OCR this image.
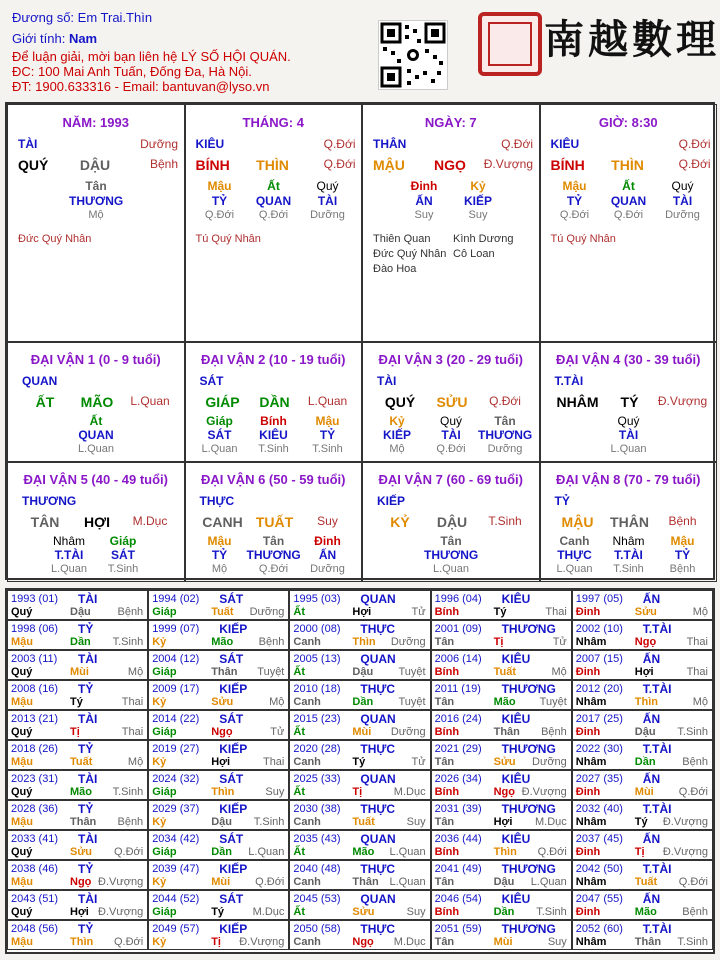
Đương số: Em Trai.Thìn
Giới tính: Nam
Để luận giải, mời bạn liên hệ LÝ SỐ HỘI QUÁN.
ĐC: 100 Mai Anh Tuấn, Đống Đa, Hà Nội.
ĐT: 1900.633316 - Email: bantuvan@lyso.vn
南越數理
NĂM: 1993
TÀI	Dưỡng
QUÝ	DẬU	Bệnh
Tân
THƯƠNG
Mộ
Đức Quý Nhân
THÁNG: 4
KIÊU	Q.Đới
BÍNH	THÌN	Q.Đới
Mậu
TỶ
Q.Đới
Ất
QUAN
Q.Đới
Quý
TÀI
Dưỡng
Tú Quý Nhân
NGÀY: 7
THÂN	Q.Đới
MẬU	NGỌ	Đ.Vượng
Đinh
ẤN
Suy
Kỷ
KIẾP
Suy
Thiên Quan Kình Dương
Đức Quý Nhân Cô Loan
Đào Hoa
GIỜ: 8:30
KIÊU	Q.Đới
BÍNH	THÌN	Q.Đới
Mậu
TỶ
Q.Đới
Ất
QUAN
Q.Đới
Quý
TÀI
Dưỡng
Tú Quý Nhân
ĐẠI VẬN 1 (0 - 9 tuổi)
QUAN
ẤT	MÃO	L.Quan
Ất
QUAN
L.Quan
ĐẠI VẬN 2 (10 - 19 tuổi)
SÁT
GIÁP	DẦN	L.Quan
Giáp
SÁT
L.Quan
Bính
KIÊU
T.Sinh
Mậu
TỶ
T.Sinh
ĐẠI VẬN 3 (20 - 29 tuổi)
TÀI
QUÝ	SỬU	Q.Đới
Kỷ
KIẾP
Mộ
Quý
TÀI
Q.Đới
Tân
THƯƠNG
Dưỡng
ĐẠI VẬN 4 (30 - 39 tuổi)
T.TÀI
NHÂM	TÝ	Đ.Vượng
Quý
TÀI
L.Quan
ĐẠI VẬN 5 (40 - 49 tuổi)
THƯƠNG
TÂN	HỢI	M.Dục
Nhâm
T.TÀI
L.Quan
Giáp
SÁT
T.Sinh
ĐẠI VẬN 6 (50 - 59 tuổi)
THỰC
CANH TUẤT	Suy
Mậu
TỶ
Mộ
Tân
THƯƠNG
Q.Đới
Đinh
ẤN
Dưỡng
ĐẠI VẬN 7 (60 - 69 tuổi)
KIẾP
KỶ	DẬU	T.Sinh
Tân
THƯƠNG
L.Quan
ĐẠI VẬN 8 (70 - 79 tuổi)
TỶ
MẬU	THÂN	Bệnh
Canh
THỰC
L.Quan
Nhâm
T.TÀI
T.Sinh
Mậu
TỶ
Bệnh
1993 (01) TÀI
Quý	Dậu Bệnh
1994 (02) SÁT
Giáp	Tuất Dưỡng
1995 (03) QUAN
Ất	Hợi	Tử
1996 (04) KIÊU
Bính	Tý	Thai
1997 (05) ẤN
Đinh	Sửu	Mộ
1998 (06) TỶ
Mậu	Dần T.Sinh
1999 (07) KIẾP
Kỷ	Mão Bệnh
2000 (08) THỰC
Canh	Thìn Dưỡng
2001 (09) THƯƠNG
Tân	Tị	Tử
2002 (10) T.TÀI
Nhâm	Ngọ	Thai
2003 (11) TÀI
Quý	Mùi	Mộ
2004 (12) SÁT
Giáp	Thân Tuyệt
2005 (13) QUAN
Ất	Dậu Tuyệt
2006 (14) KIÊU
Bính	Tuất	Mộ
2007 (15) ẤN
Đinh	Hợi	Thai
2008 (16) TỶ
Mậu	Tý	Thai
2009 (17) KIẾP
Kỷ	Sửu	Mộ
2010 (18) THỰC
Canh	Dần Tuyệt
2011 (19) THƯƠNG
Tân	Mão Tuyệt
2012 (20) T.TÀI
Nhâm	Thìn	Mộ
2013 (21) TÀI
Quý	Tị	Thai
2014 (22) SÁT
Giáp	Ngọ	Tử
2015 (23) QUAN
Ất	Mùi Dưỡng
2016 (24) KIÊU
Bính	Thân Bệnh
2017 (25) ẤN
Đinh	Dậu T.Sinh
2018 (26) TỶ
Mậu	Tuất	Mộ
2019 (27) KIẾP
Kỷ	Hợi	Thai
2020 (28) THỰC
Canh	Tý	Tử
2021 (29) THƯƠNG
Tân	Sửu Dưỡng
2022 (30) T.TÀI
Nhâm	Dần Bệnh
2023 (31) TÀI
Quý	Mão T.Sinh
2024 (32) SÁT
Giáp	Thìn	Suy
2025 (33) QUAN
Ất	Tị	M.Dục
2026 (34) KIÊU
Bính	Ngọ Đ.Vượng
2027 (35) ẤN
Đinh	Mùi Q.Đới
2028 (36) TỶ
Mậu	Thân Bệnh
2029 (37) KIẾP
Kỷ	Dậu T.Sinh
2030 (38) THỰC
Canh	Tuất	Suy
2031 (39) THƯƠNG
Tân	Hợi M.Dục
2032 (40) T.TÀI
Nhâm	Tý Đ.Vượng
2033 (41) TÀI
Quý	Sửu Q.Đới
2034 (42) SÁT
Giáp	Dần L.Quan
2035 (43) QUAN
Ất	Mão L.Quan
2036 (44) KIÊU
Bính	Thìn Q.Đới
2037 (45) ẤN
Đinh	Tị Đ.Vượng
2038 (46) TỶ
Mậu	Ngọ Đ.Vượng
2039 (47) KIẾP
Kỷ	Mùi Q.Đới
2040 (48) THỰC
Canh	Thân L.Quan
2041 (49) THƯƠNG
Tân	Dậu L.Quan
2042 (50) T.TÀI
Nhâm	Tuất Q.Đới
2043 (51) TÀI
Quý	Hợi Đ.Vượng
2044 (52) SÁT
Giáp	Tý	M.Dục
2045 (53) QUAN
Ất	Sửu	Suy
2046 (54) KIÊU
Bính	Dần T.Sinh
2047 (55) ẤN
Đinh	Mão Bệnh
2048 (56) TỶ
Mậu	Thìn Q.Đới
2049 (57) KIẾP
Kỷ	Tị Đ.Vượng
2050 (58) THỰC
Canh	Ngọ M.Dục
2051 (59) THƯƠNG
Tân	Mùi	Suy
2052 (60) T.TÀI
Nhâm	Thân T.Sinh
